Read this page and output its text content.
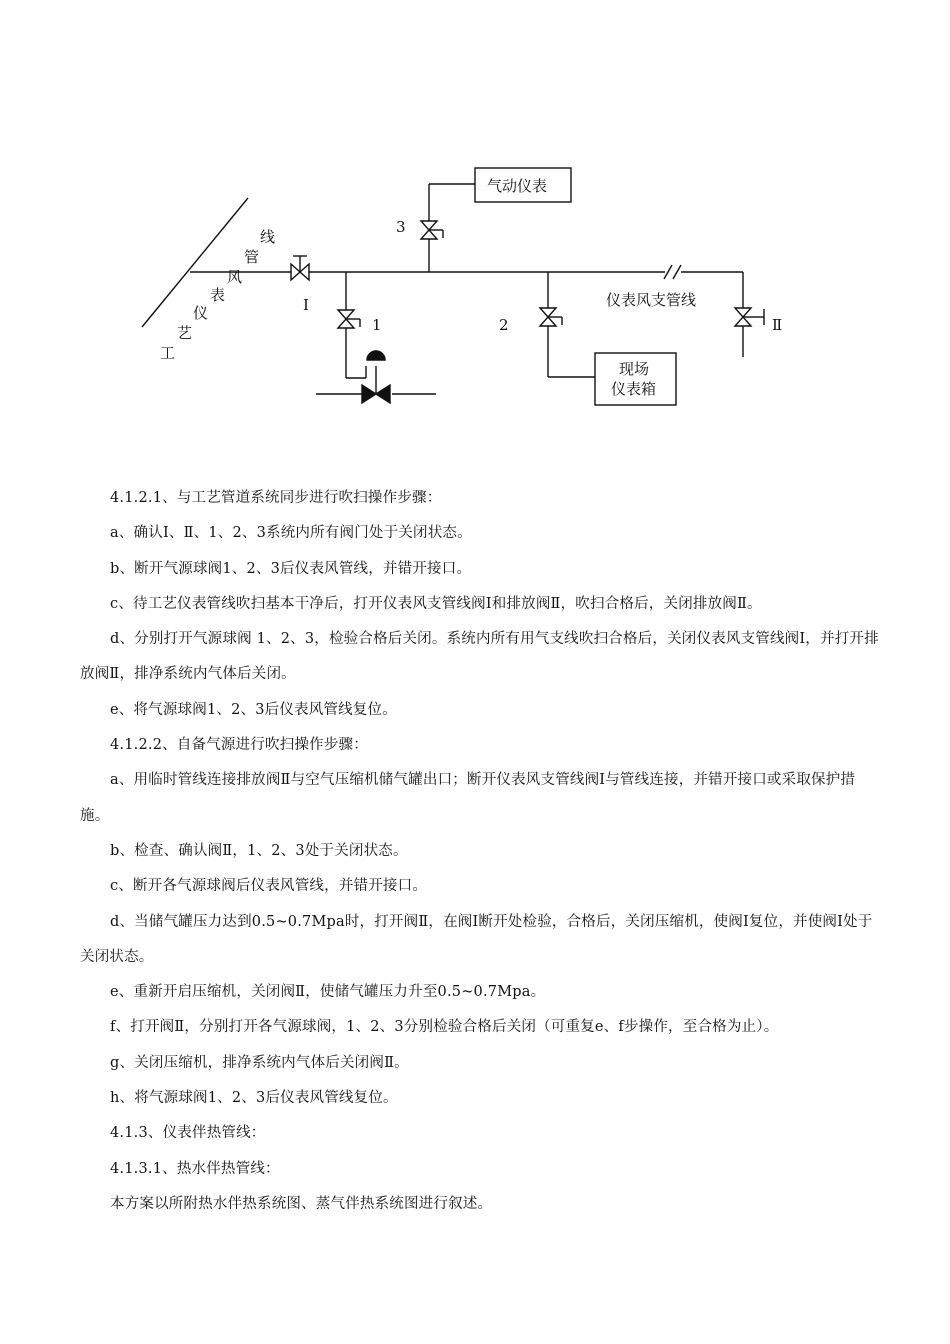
线
管
风
表
仪
艺
工
气动仪表
仪表风支管线
现场
仪表箱
Ⅰ
Ⅱ
1	2
3

4.1.2.1、与工艺管道系统同步进行吹扫操作步骤：

a、确认Ⅰ、Ⅱ、1、2、3系统内所有阀门处于关闭状态。

b、断开气源球阀1、2、3后仪表风管线，并错开接口。

c、待工艺仪表管线吹扫基本干净后，打开仪表风支管线阀Ⅰ和排放阀Ⅱ，吹扫合格后，关闭排放阀Ⅱ。

d、分别打开气源球阀 1、2、3，检验合格后关闭。系统内所有用气支线吹扫合格后，关闭仪表风支管线阀Ⅰ，并打开排放阀Ⅱ，排净系统内气体后关闭。

e、将气源球阀1、2、3后仪表风管线复位。

4.1.2.2、自备气源进行吹扫操作步骤：

a、用临时管线连接排放阀Ⅱ与空气压缩机储气罐出口；断开仪表风支管线阀Ⅰ与管线连接，并错开接口或采取保护措施。

b、检查、确认阀Ⅱ，1、2、3处于关闭状态。

c、断开各气源球阀后仪表风管线，并错开接口。

d、当储气罐压力达到0.5~0.7Mpa时，打开阀Ⅱ，在阀Ⅰ断开处检验，合格后，关闭压缩机，使阀Ⅰ复位，并使阀Ⅰ处于关闭状态。

e、重新开启压缩机，关闭阀Ⅱ，使储气罐压力升至0.5~0.7Mpa。

f、打开阀Ⅱ，分别打开各气源球阀，1、2、3分别检验合格后关闭（可重复e、f步操作，至合格为止）。

g、关闭压缩机，排净系统内气体后关闭阀Ⅱ。

h、将气源球阀1、2、3后仪表风管线复位。

4.1.3、仪表伴热管线：

4.1.3.1、热水伴热管线：

本方案以所附热水伴热系统图、蒸气伴热系统图进行叙述。
